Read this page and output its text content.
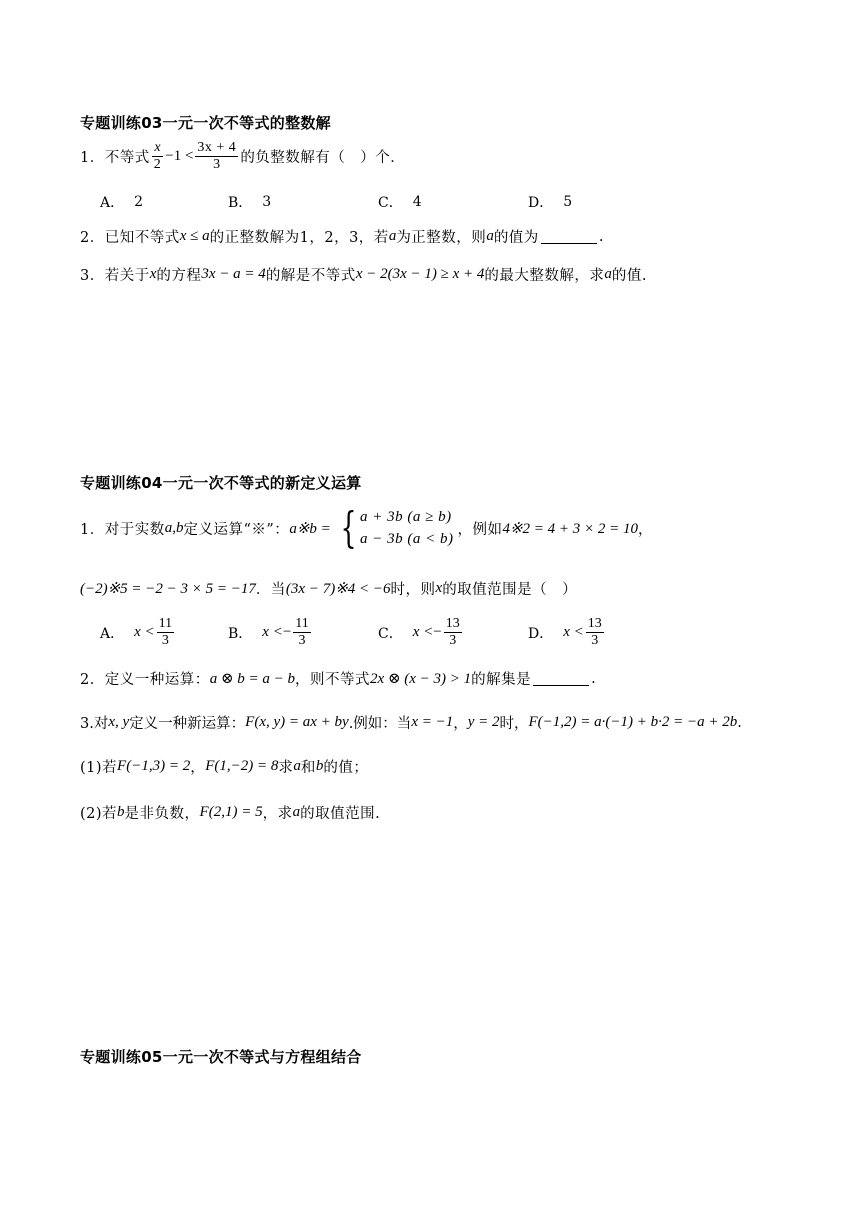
专题训练03一元一次不等式的整数解
1．不等式 $\frac{x}{2} -1 < \frac{3x + 4}{3}$ 的负整数解有（　）个．
A． 2	B． 3	C． 4	D． 5
2．已知不等式 x ≤ a 的正整数解为1，2，3，若 a 为正整数，则 a 的值为	.
3．若关于 x 的方程 3x − a = 4 的解是不等式 x − 2(3x − 1) ≥ x + 4 的最大整数解，求 a 的值.
专题训练04一元一次不等式的新定义运算
1．对于实数 a,b 定义运算“※”： a※b = { a + 3b (a ≥ b)
a − 3b (a < b)
，例如 4※2 = 4 + 3 × 2 = 10 ，
(−2)※5 = −2 − 3 × 5 = −17 ．当 (3x − 7)※4 < −6 时，则 x 的取值范围是（　）
A． $x < \frac{11}{3}$	B． x < − $\frac{11}{3}$	C． x < − $\frac{13}{3}$	D． $x < \frac{13}{3}$
2．定义一种运算： a ⊗ b = a − b ，则不等式 2x ⊗ (x − 3) > 1 的解集是	.
3.对 x, y 定义一种新运算： F(x, y) = ax + by .例如：当 x = −1 ， y = 2 时， F(−1,2) = a·(−1) + b·2 = −a + 2b .
(1)若 F(−1,3) = 2 ， F(1,−2) = 8 求 a 和 b 的值；
(2)若 b 是非负数， F(2,1) = 5 ，求 a 的取值范围.
专题训练05一元一次不等式与方程组结合
